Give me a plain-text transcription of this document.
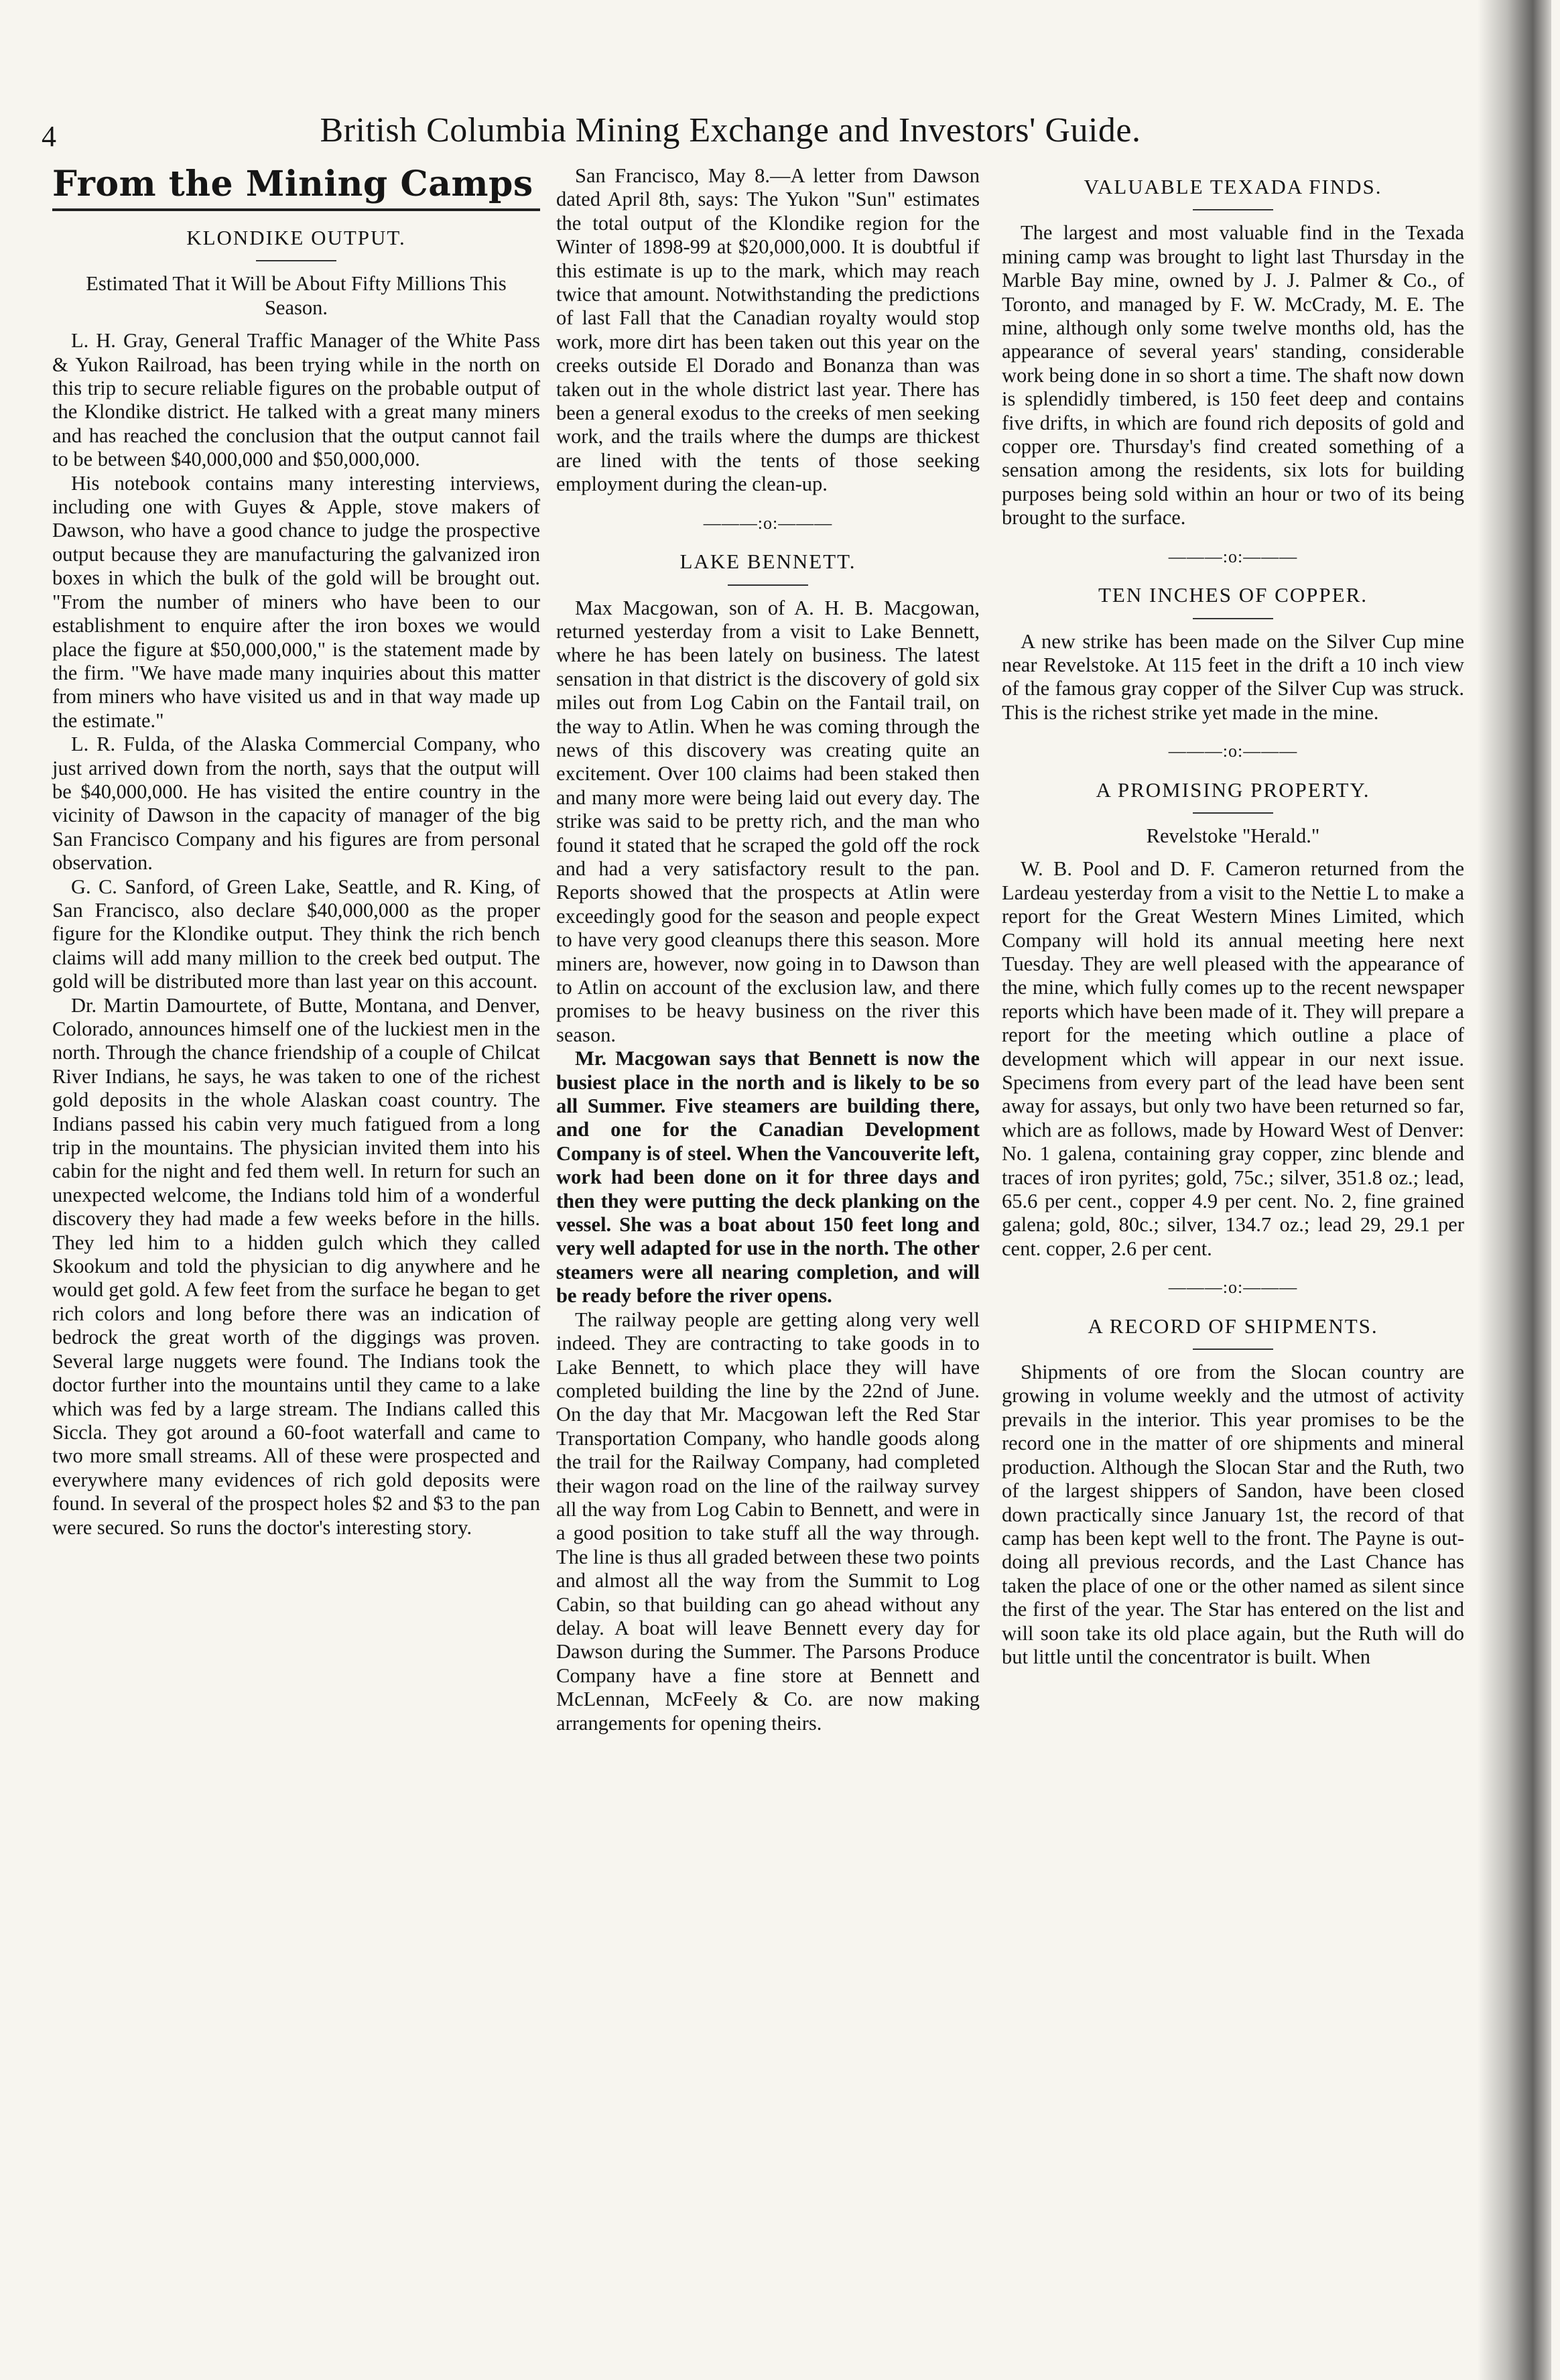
4	British Columbia Mining Exchange and Investors' Guide.
From the Mining Camps
KLONDIKE OUTPUT.

Estimated That it Will be About Fifty Millions This Season.

L. H. Gray, General Traffic Manager of the White Pass & Yukon Railroad, has been trying while in the north on this trip to secure reliable figures on the probable output of the Klondike district. He talked with a great many miners and has reached the conclusion that the output cannot fail to be between $40,000,000 and $50,000,000.

His notebook contains many interesting interviews, including one with Guyes & Apple, stove makers of Dawson, who have a good chance to judge the prospective output because they are manufacturing the galvanized iron boxes in which the bulk of the gold will be brought out. "From the number of miners who have been to our establishment to enquire after the iron boxes we would place the figure at $50,000,000," is the statement made by the firm. "We have made many inquiries about this matter from miners who have visited us and in that way made up the estimate."

L. R. Fulda, of the Alaska Commercial Company, who just arrived down from the north, says that the output will be $40,000,000. He has visited the entire country in the vicinity of Dawson in the capacity of manager of the big San Francisco Company and his figures are from personal observation.

G. C. Sanford, of Green Lake, Seattle, and R. King, of San Francisco, also declare $40,000,000 as the proper figure for the Klondike output. They think the rich bench claims will add many million to the creek bed output. The gold will be distributed more than last year on this account.

Dr. Martin Damourtete, of Butte, Montana, and Denver, Colorado, announces himself one of the luckiest men in the north. Through the chance friendship of a couple of Chilcat River Indians, he says, he was taken to one of the richest gold deposits in the whole Alaskan coast country. The Indians passed his cabin very much fatigued from a long trip in the mountains. The physician invited them into his cabin for the night and fed them well. In return for such an unexpected welcome, the Indians told him of a wonderful discovery they had made a few weeks before in the hills. They led him to a hidden gulch which they called Skookum and told the physician to dig anywhere and he would get gold. A few feet from the surface he began to get rich colors and long before there was an indication of bedrock the great worth of the diggings was proven. Several large nuggets were found. The Indians took the doctor further into the mountains until they came to a lake which was fed by a large stream. The Indians called this Siccla. They got around a 60-foot waterfall and came to two more small streams. All of these were prospected and everywhere many evidences of rich gold deposits were found. In several of the prospect holes $2 and $3 to the pan were secured. So runs the doctor's interesting story.

San Francisco, May 8.—A letter from Dawson dated April 8th, says: The Yukon "Sun" estimates the total output of the Klondike region for the Winter of 1898-99 at $20,000,000. It is doubtful if this estimate is up to the mark, which may reach twice that amount. Notwithstanding the predictions of last Fall that the Canadian royalty would stop work, more dirt has been taken out this year on the creeks outside El Dorado and Bonanza than was taken out in the whole district last year. There has been a general exodus to the creeks of men seeking work, and the trails where the dumps are thickest are lined with the tents of those seeking employment during the clean-up.

———:o:———

LAKE BENNETT.

Max Macgowan, son of A. H. B. Macgowan, returned yesterday from a visit to Lake Bennett, where he has been lately on business. The latest sensation in that district is the discovery of gold six miles out from Log Cabin on the Fantail trail, on the way to Atlin. When he was coming through the news of this discovery was creating quite an excitement. Over 100 claims had been staked then and many more were being laid out every day. The strike was said to be pretty rich, and the man who found it stated that he scraped the gold off the rock and had a very satisfactory result to the pan. Reports showed that the prospects at Atlin were exceedingly good for the season and people expect to have very good cleanups there this season. More miners are, however, now going in to Dawson than to Atlin on account of the exclusion law, and there promises to be heavy business on the river this season.

Mr. Macgowan says that Bennett is now the busiest place in the north and is likely to be so all Summer. Five steamers are building there, and one for the Canadian Development Company is of steel. When the Vancouverite left, work had been done on it for three days and then they were putting the deck planking on the vessel. She was a boat about 150 feet long and very well adapted for use in the north. The other steamers were all nearing completion, and will be ready before the river opens.

The railway people are getting along very well indeed. They are contracting to take goods in to Lake Bennett, to which place they will have completed building the line by the 22nd of June. On the day that Mr. Macgowan left the Red Star Transportation Company, who handle goods along the trail for the Railway Company, had completed their wagon road on the line of the railway survey all the way from Log Cabin to Bennett, and were in a good position to take stuff all the way through. The line is thus all graded between these two points and almost all the way from the Summit to Log Cabin, so that building can go ahead without any delay. A boat will leave Bennett every day for Dawson during the Summer. The Parsons Produce Company have a fine store at Bennett and McLennan, McFeely & Co. are now making arrangements for opening theirs.

VALUABLE TEXADA FINDS.

The largest and most valuable find in the Texada mining camp was brought to light last Thursday in the Marble Bay mine, owned by J. J. Palmer & Co., of Toronto, and managed by F. W. McCrady, M. E. The mine, although only some twelve months old, has the appearance of several years' standing, considerable work being done in so short a time. The shaft now down is splendidly timbered, is 150 feet deep and contains five drifts, in which are found rich deposits of gold and copper ore. Thursday's find created something of a sensation among the residents, six lots for building purposes being sold within an hour or two of its being brought to the surface.

———:o:———

TEN INCHES OF COPPER.

A new strike has been made on the Silver Cup mine near Revelstoke. At 115 feet in the drift a 10 inch view of the famous gray copper of the Silver Cup was struck. This is the richest strike yet made in the mine.

———:o:———

A PROMISING PROPERTY.

Revelstoke "Herald."

W. B. Pool and D. F. Cameron returned from the Lardeau yesterday from a visit to the Nettie L to make a report for the Great Western Mines Limited, which Company will hold its annual meeting here next Tuesday. They are well pleased with the appearance of the mine, which fully comes up to the recent newspaper reports which have been made of it. They will prepare a report for the meeting which outline a place of development which will appear in our next issue. Specimens from every part of the lead have been sent away for assays, but only two have been returned so far, which are as follows, made by Howard West of Denver: No. 1 galena, containing gray copper, zinc blende and traces of iron pyrites; gold, 75c.; silver, 351.8 oz.; lead, 65.6 per cent., copper 4.9 per cent. No. 2, fine grained galena; gold, 80c.; silver, 134.7 oz.; lead 29, 29.1 per cent. copper, 2.6 per cent.

———:o:———

A RECORD OF SHIPMENTS.

Shipments of ore from the Slocan country are growing in volume weekly and the utmost of activity prevails in the interior. This year promises to be the record one in the matter of ore shipments and mineral production. Although the Slocan Star and the Ruth, two of the largest shippers of Sandon, have been closed down practically since January 1st, the record of that camp has been kept well to the front. The Payne is out-doing all previous records, and the Last Chance has taken the place of one or the other named as silent since the first of the year. The Star has entered on the list and will soon take its old place again, but the Ruth will do but little until the concentrator is built. When
